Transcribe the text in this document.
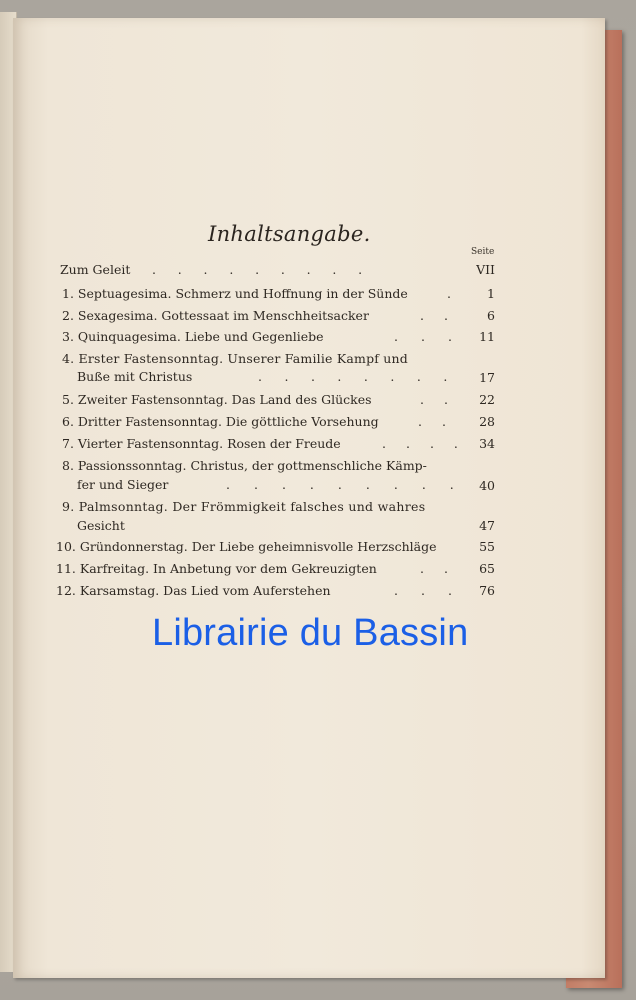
Inhaltsangabe.
Seite
Zum Geleit .........	VII
1. Septuagesima. Schmerz und Hoffnung in der Sünde	.	1
2. Sexagesima. Gottessaat im Menschheitsacker	..	6
3. Quinquagesima. Liebe und Gegenliebe	... 11
4. Erster Fastensonntag. Unserer Familie Kampf und
Buße mit Christus	........ 17
5. Zweiter Fastensonntag. Das Land des Glückes	.. 22
6. Dritter Fastensonntag. Die göttliche Vorsehung	..	28
7. Vierter Fastensonntag. Rosen der Freude	.... 34
8. Passionssonntag. Christus, der gottmenschliche Kämp-
fer und Sieger	......... 40
9. Palmsonntag. Der Frömmigkeit falsches und wahres
Gesicht	47
10. Gründonnerstag. Der Liebe geheimnisvolle Herzschläge	55
11. Karfreitag. In Anbetung vor dem Gekreuzigten	.. 65
12. Karsamstag. Das Lied vom Auferstehen	... 76
Librairie du Bassin
